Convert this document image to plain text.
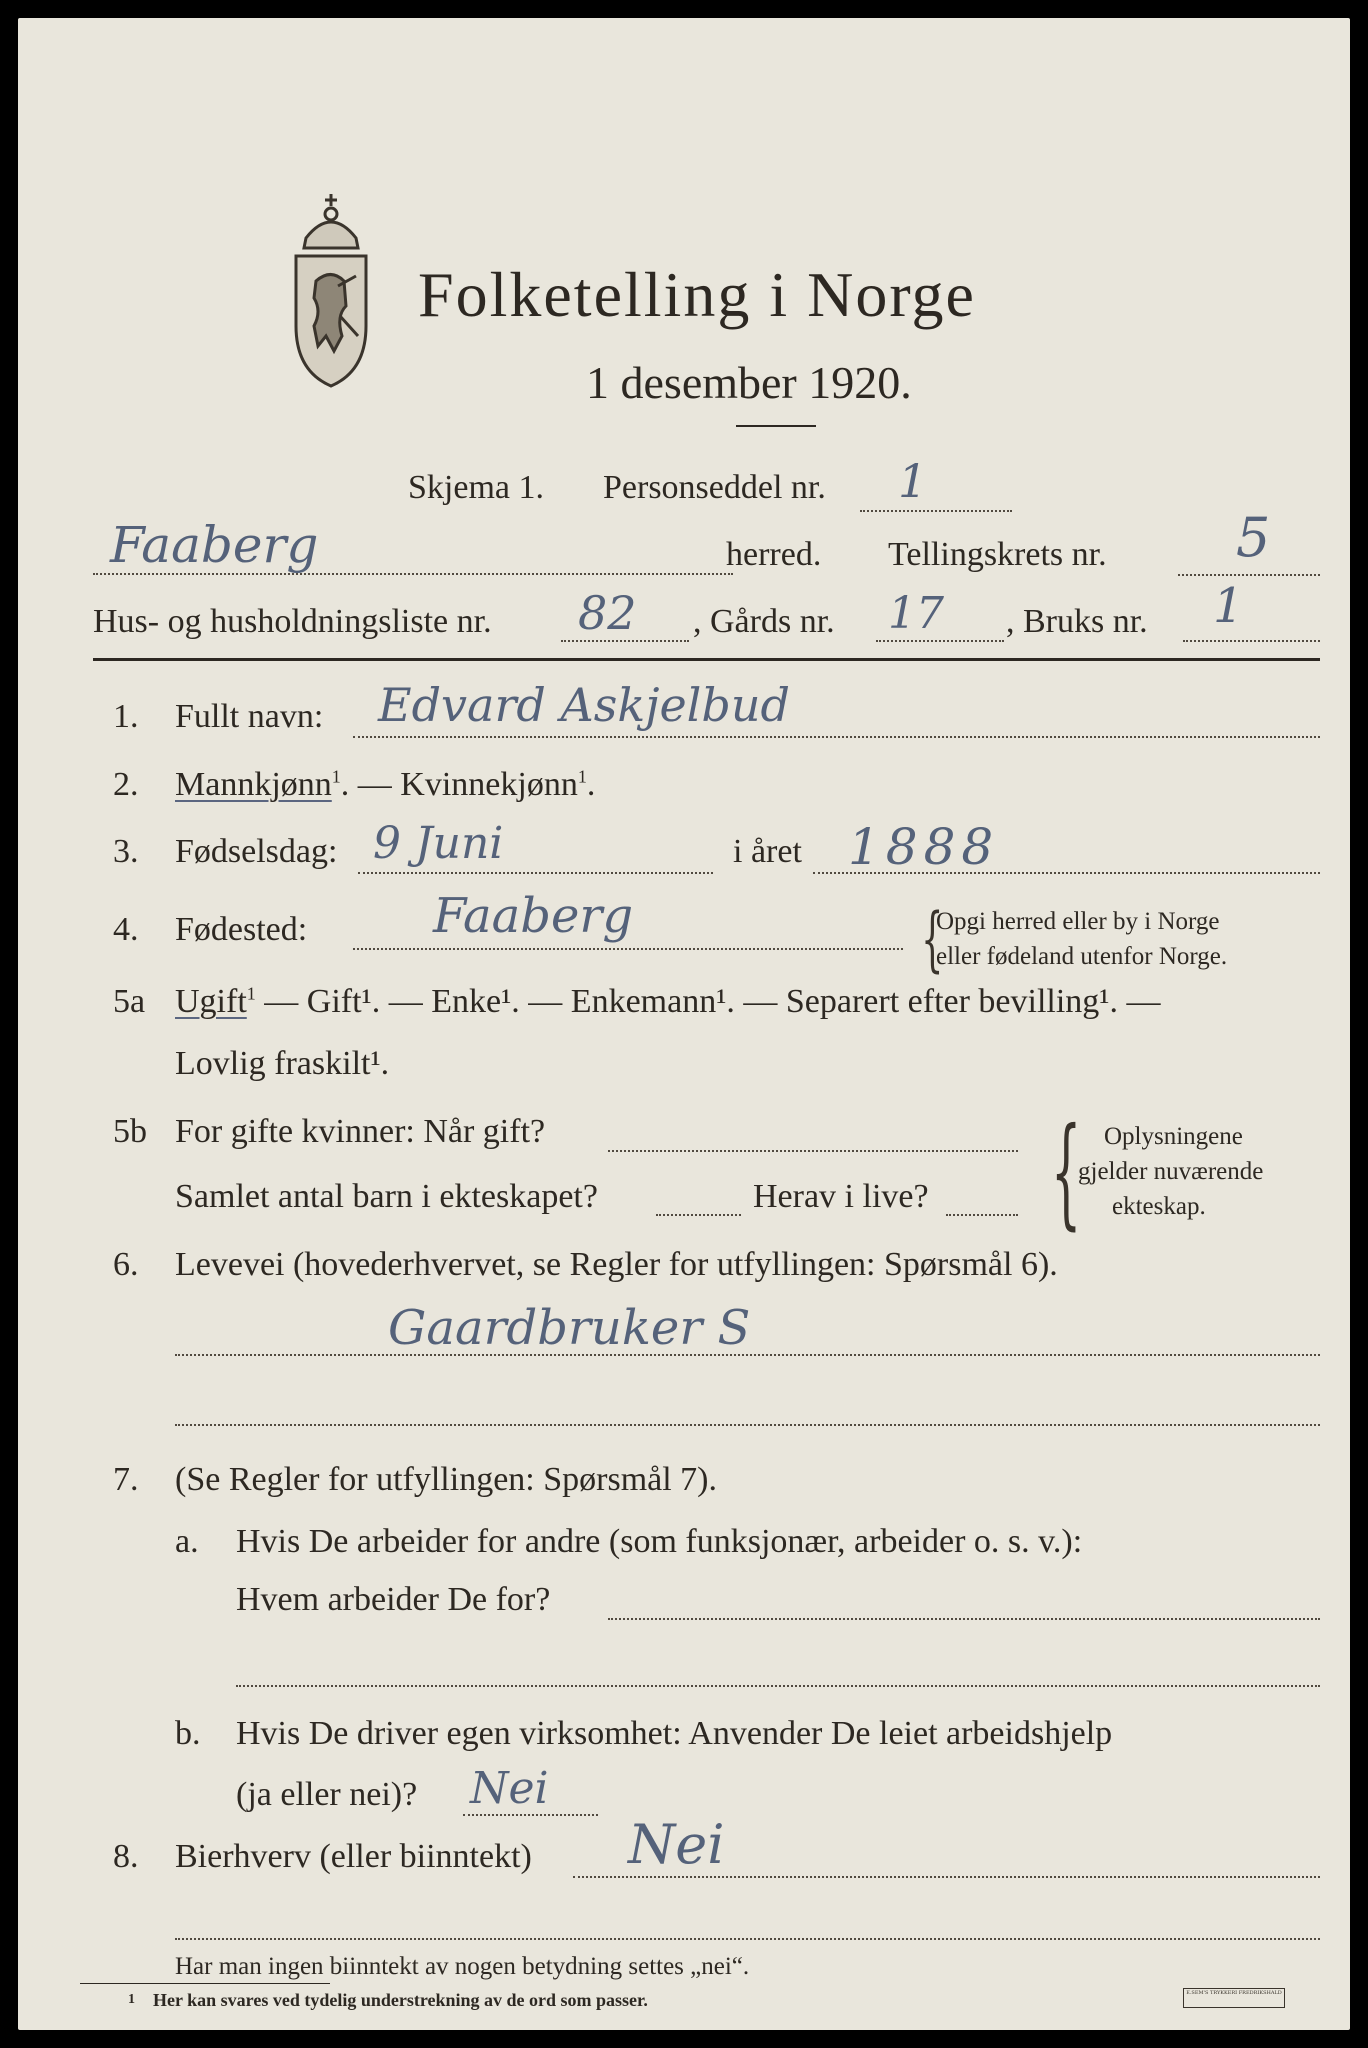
Folketelling i Norge
1 desember 1920.
Skjema 1. Personseddel nr. 1
Faaberg	herred. Tellingskrets nr. 5
Hus- og husholdningsliste nr. 82 , Gårds nr. 17 , Bruks nr. 1
1. Fullt navn: Edvard Askjelbud
2. Mannkjønn$^1$. — Kvinnekjønn$^1$.
3. Fødselsdag: 9 Juni	i året 1888
4. Fødested:	Faaberg	{
Opgi herred eller by i Norge
eller fødeland utenfor Norge.
5a Ugift$^1$ — Gift¹. — Enke¹. — Enkemann¹. — Separert efter bevilling¹. —
Lovlig fraskilt¹.
5b For gifte kvinner: Når gift?
Samlet antal barn i ekteskapet?	Herav i live? { Oplysningene
gjelder nuværende
ekteskap.
6. Levevei (hovederhvervet, se Regler for utfyllingen: Spørsmål 6).
Gaardbruker S
7. (Se Regler for utfyllingen: Spørsmål 7).
a. Hvis De arbeider for andre (som funksjonær, arbeider o. s. v.):
Hvem arbeider De for?
b. Hvis De driver egen virksomhet: Anvender De leiet arbeidshjelp
(ja eller nei)? Nei
8. Bierhverv (eller biinntekt) Nei
Har man ingen biinntekt av nogen betydning settes „nei“.
1 Her kan svares ved tydelig understrekning av de ord som passer.	E.SEM'S TRYKKERI FREDRIKSHALD
